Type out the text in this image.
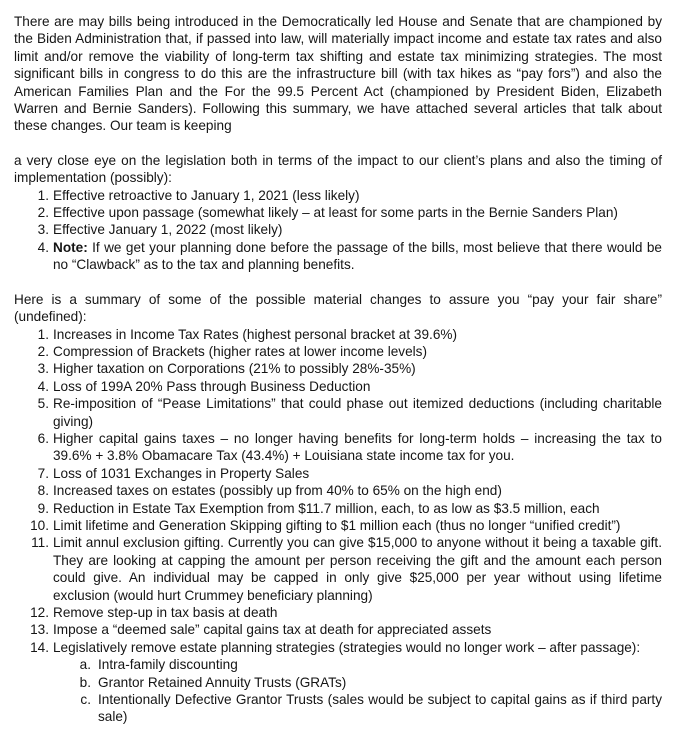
There are may bills being introduced in the Democratically led House and Senate that are championed by the Biden Administration that, if passed into law, will materially impact income and estate tax rates and also limit and/or remove the viability of long-term tax shifting and estate tax minimizing strategies. The most significant bills in congress to do this are the infrastructure bill (with tax hikes as “pay fors”) and also the American Families Plan and the For the 99.5 Percent Act (championed by President Biden, Elizabeth Warren and Bernie Sanders). Following this summary, we have attached several articles that talk about these changes. Our team is keeping

a very close eye on the legislation both in terms of the impact to our client’s plans and also the timing of implementation (possibly):

1. Effective retroactive to January 1, 2021 (less likely)
2. Effective upon passage (somewhat likely – at least for some parts in the Bernie Sanders Plan)
3. Effective January 1, 2022 (most likely)
4. Note: If we get your planning done before the passage of the bills, most believe that there would be no “Clawback” as to the tax and planning benefits.

Here is a summary of some of the possible material changes to assure you “pay your fair share” (undefined):

1. Increases in Income Tax Rates (highest personal bracket at 39.6%)
2. Compression of Brackets (higher rates at lower income levels)
3. Higher taxation on Corporations (21% to possibly 28%-35%)
4. Loss of 199A 20% Pass through Business Deduction
5. Re-imposition of “Pease Limitations” that could phase out itemized deductions (including charitable giving)
6. Higher capital gains taxes – no longer having benefits for long-term holds – increasing the tax to 39.6% + 3.8% Obamacare Tax (43.4%) + Louisiana state income tax for you.
7. Loss of 1031 Exchanges in Property Sales
8. Increased taxes on estates (possibly up from 40% to 65% on the high end)
9. Reduction in Estate Tax Exemption from $11.7 million, each, to as low as $3.5 million, each
10. Limit lifetime and Generation Skipping gifting to $1 million each (thus no longer “unified credit”)
11. Limit annul exclusion gifting. Currently you can give $15,000 to anyone without it being a taxable gift. They are looking at capping the amount per person receiving the gift and the amount each person could give. An individual may be capped in only give $25,000 per year without using lifetime exclusion (would hurt Crummey beneficiary planning)
12. Remove step-up in tax basis at death
13. Impose a “deemed sale” capital gains tax at death for appreciated assets
14. Legislatively remove estate planning strategies (strategies would no longer work – after passage):
a. Intra-family discounting
b. Grantor Retained Annuity Trusts (GRATs)
c. Intentionally Defective Grantor Trusts (sales would be subject to capital gains as if third party sale)
